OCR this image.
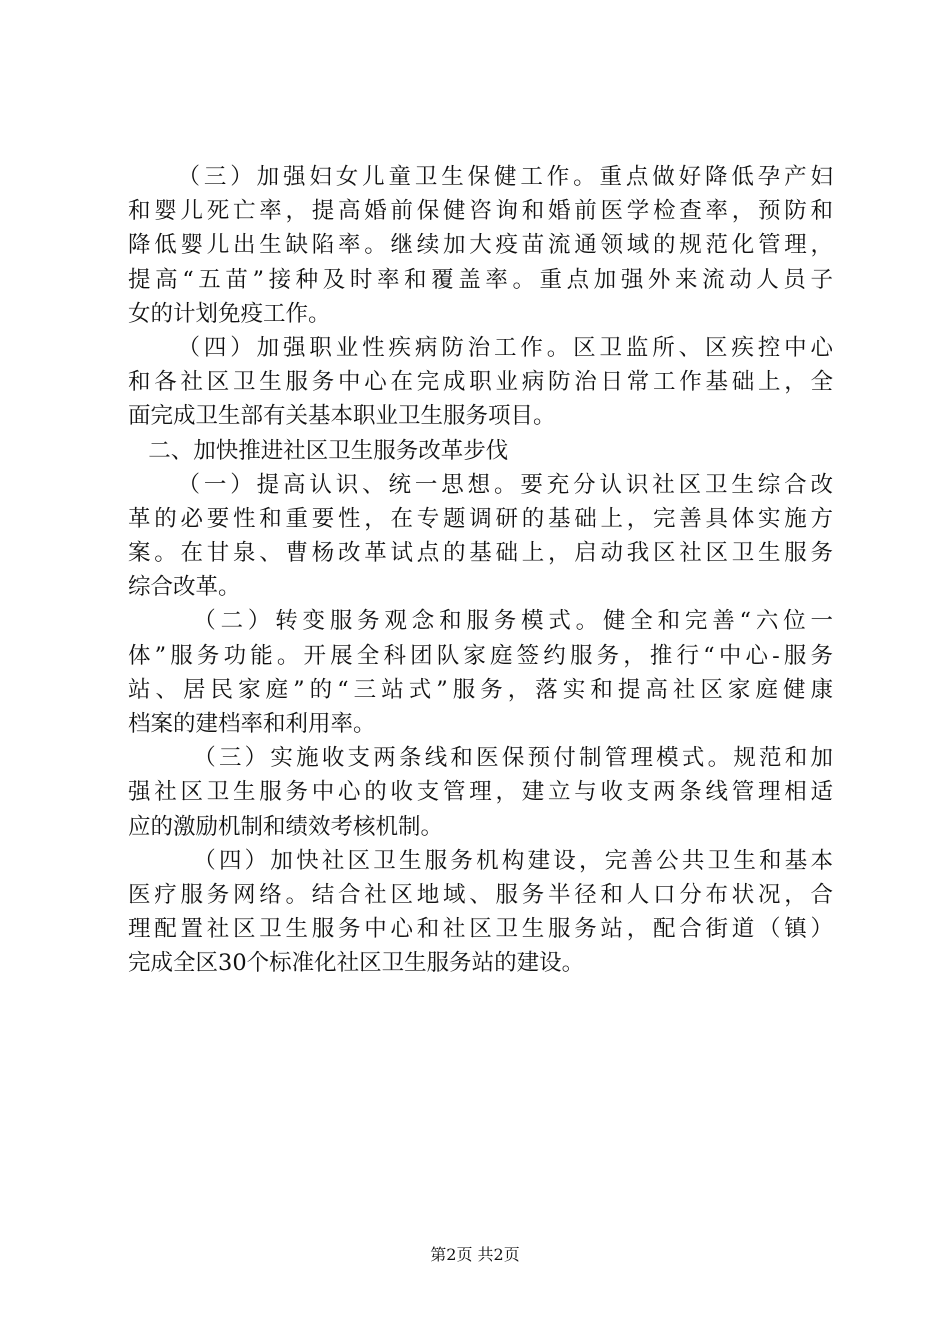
（三）加强妇女儿童卫生保健工作。重点做好降低孕产妇
和婴儿死亡率，提高婚前保健咨询和婚前医学检查率，预防和
降低婴儿出生缺陷率。继续加大疫苗流通领域的规范化管理，
提高“五苗”接种及时率和覆盖率。重点加强外来流动人员子
女的计划免疫工作。
（四）加强职业性疾病防治工作。区卫监所、区疾控中心
和各社区卫生服务中心在完成职业病防治日常工作基础上，全
面完成卫生部有关基本职业卫生服务项目。
二、加快推进社区卫生服务改革步伐
（一）提高认识、统一思想。要充分认识社区卫生综合改
革的必要性和重要性，在专题调研的基础上，完善具体实施方
案。在甘泉、曹杨改革试点的基础上，启动我区社区卫生服务
综合改革。
（二）转变服务观念和服务模式。健全和完善“六位一
体”服务功能。开展全科团队家庭签约服务，推行“中心-服务
站、居民家庭”的“三站式”服务，落实和提高社区家庭健康
档案的建档率和利用率。
（三）实施收支两条线和医保预付制管理模式。规范和加
强社区卫生服务中心的收支管理，建立与收支两条线管理相适
应的激励机制和绩效考核机制。
（四）加快社区卫生服务机构建设，完善公共卫生和基本
医疗服务网络。结合社区地域、服务半径和人口分布状况，合
理配置社区卫生服务中心和社区卫生服务站，配合街道（镇）
完成全区30个标准化社区卫生服务站的建设。
第2页 共2页
